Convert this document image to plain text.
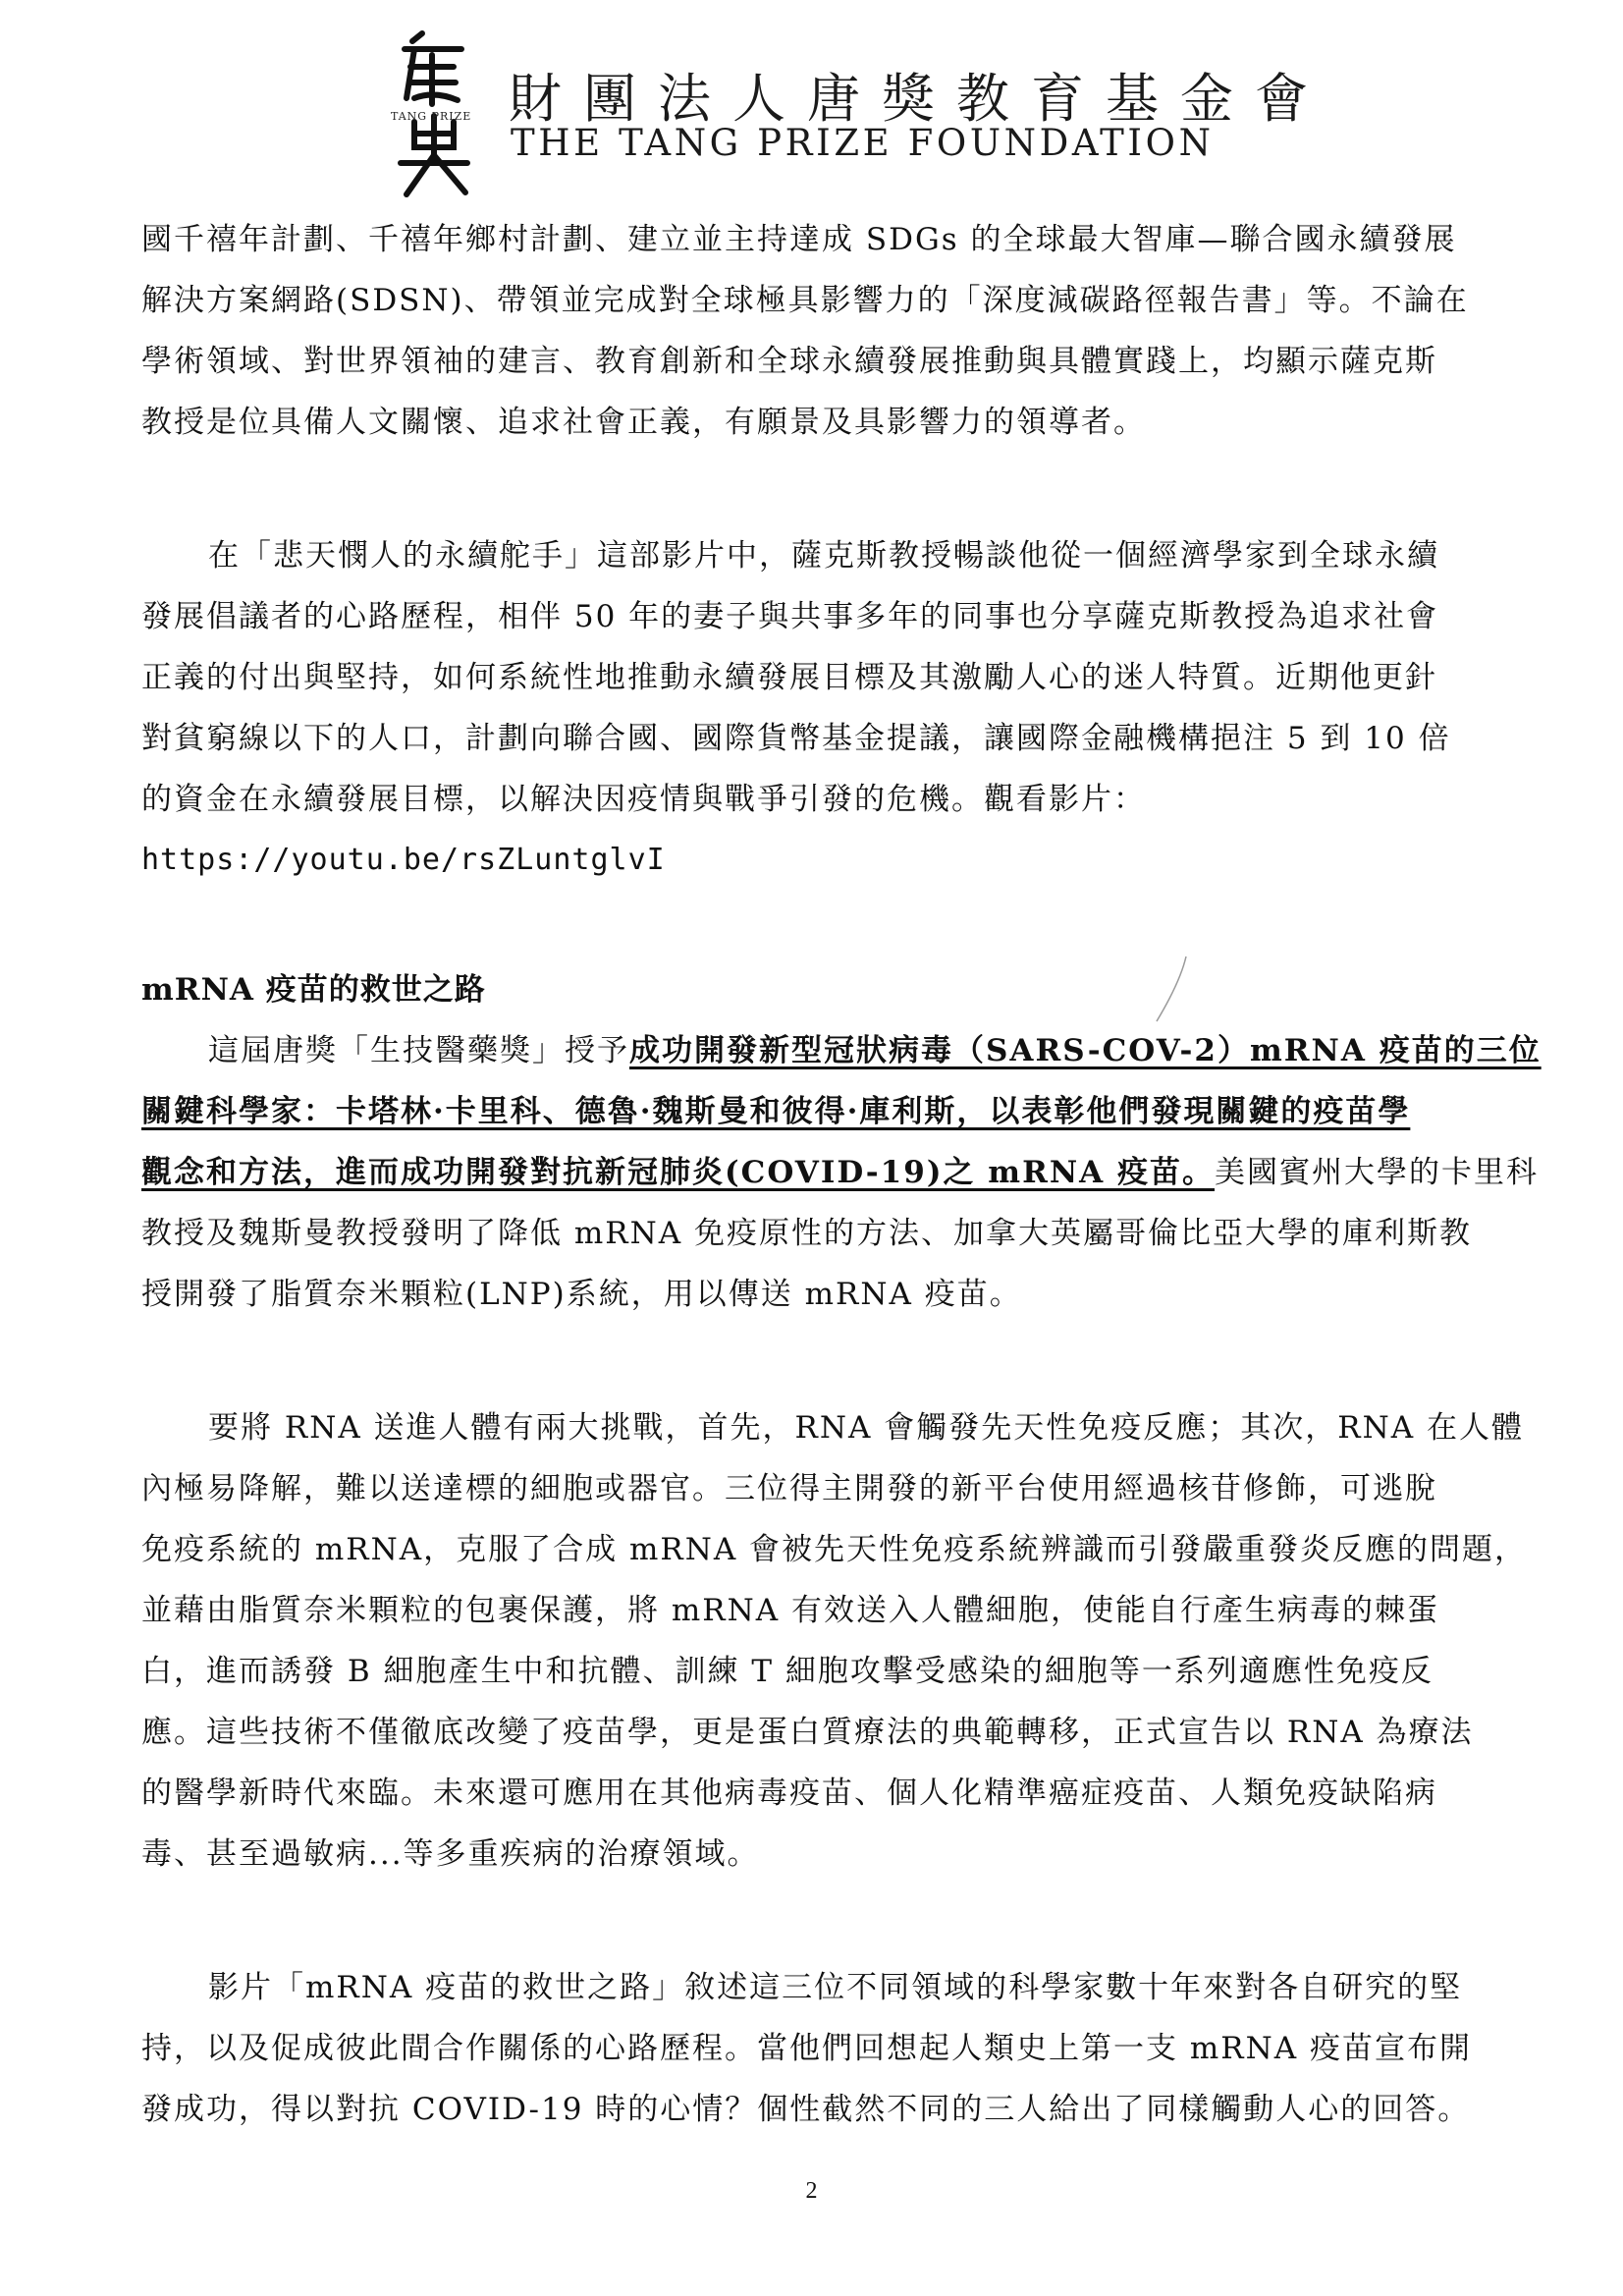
TANG PRIZE 財團法人唐獎教育基金會
THE TANG PRIZE FOUNDATION
國千禧年計劃、千禧年鄉村計劃、建立並主持達成 SDGs 的全球最大智庫—聯合國永續發展
解決方案網路(SDSN)、帶領並完成對全球極具影響力的「深度減碳路徑報告書」等。不論在
學術領域、對世界領袖的建言、教育創新和全球永續發展推動與具體實踐上，均顯示薩克斯
教授是位具備人文關懷、追求社會正義，有願景及具影響力的領導者。
在「悲天憫人的永續舵手」這部影片中，薩克斯教授暢談他從一個經濟學家到全球永續
發展倡議者的心路歷程，相伴 50 年的妻子與共事多年的同事也分享薩克斯教授為追求社會
正義的付出與堅持，如何系統性地推動永續發展目標及其激勵人心的迷人特質。近期他更針
對貧窮線以下的人口，計劃向聯合國、國際貨幣基金提議，讓國際金融機構挹注 5 到 10 倍
的資金在永續發展目標，以解決因疫情與戰爭引發的危機。觀看影片：
https://youtu.be/rsZLuntglvI
mRNA 疫苗的救世之路
這屆唐獎「生技醫藥獎」授予成功開發新型冠狀病毒（SARS-COV-2）mRNA 疫苗的三位
關鍵科學家：卡塔林·卡里科、德魯·魏斯曼和彼得·庫利斯，以表彰他們發現關鍵的疫苗學
觀念和方法，進而成功開發對抗新冠肺炎(COVID-19)之 mRNA 疫苗。美國賓州大學的卡里科
教授及魏斯曼教授發明了降低 mRNA 免疫原性的方法、加拿大英屬哥倫比亞大學的庫利斯教
授開發了脂質奈米顆粒(LNP)系統，用以傳送 mRNA 疫苗。
要將 RNA 送進人體有兩大挑戰，首先，RNA 會觸發先天性免疫反應；其次，RNA 在人體
內極易降解，難以送達標的細胞或器官。三位得主開發的新平台使用經過核苷修飾，可逃脫
免疫系統的 mRNA，克服了合成 mRNA 會被先天性免疫系統辨識而引發嚴重發炎反應的問題，
並藉由脂質奈米顆粒的包裹保護，將 mRNA 有效送入人體細胞，使能自行產生病毒的棘蛋
白，進而誘發 B 細胞產生中和抗體、訓練 T 細胞攻擊受感染的細胞等一系列適應性免疫反
應。這些技術不僅徹底改變了疫苗學，更是蛋白質療法的典範轉移，正式宣告以 RNA 為療法
的醫學新時代來臨。未來還可應用在其他病毒疫苗、個人化精準癌症疫苗、人類免疫缺陷病
毒、甚至過敏病...等多重疾病的治療領域。
影片「mRNA 疫苗的救世之路」敘述這三位不同領域的科學家數十年來對各自研究的堅
持，以及促成彼此間合作關係的心路歷程。當他們回想起人類史上第一支 mRNA 疫苗宣布開
發成功，得以對抗 COVID-19 時的心情？個性截然不同的三人給出了同樣觸動人心的回答。
2
